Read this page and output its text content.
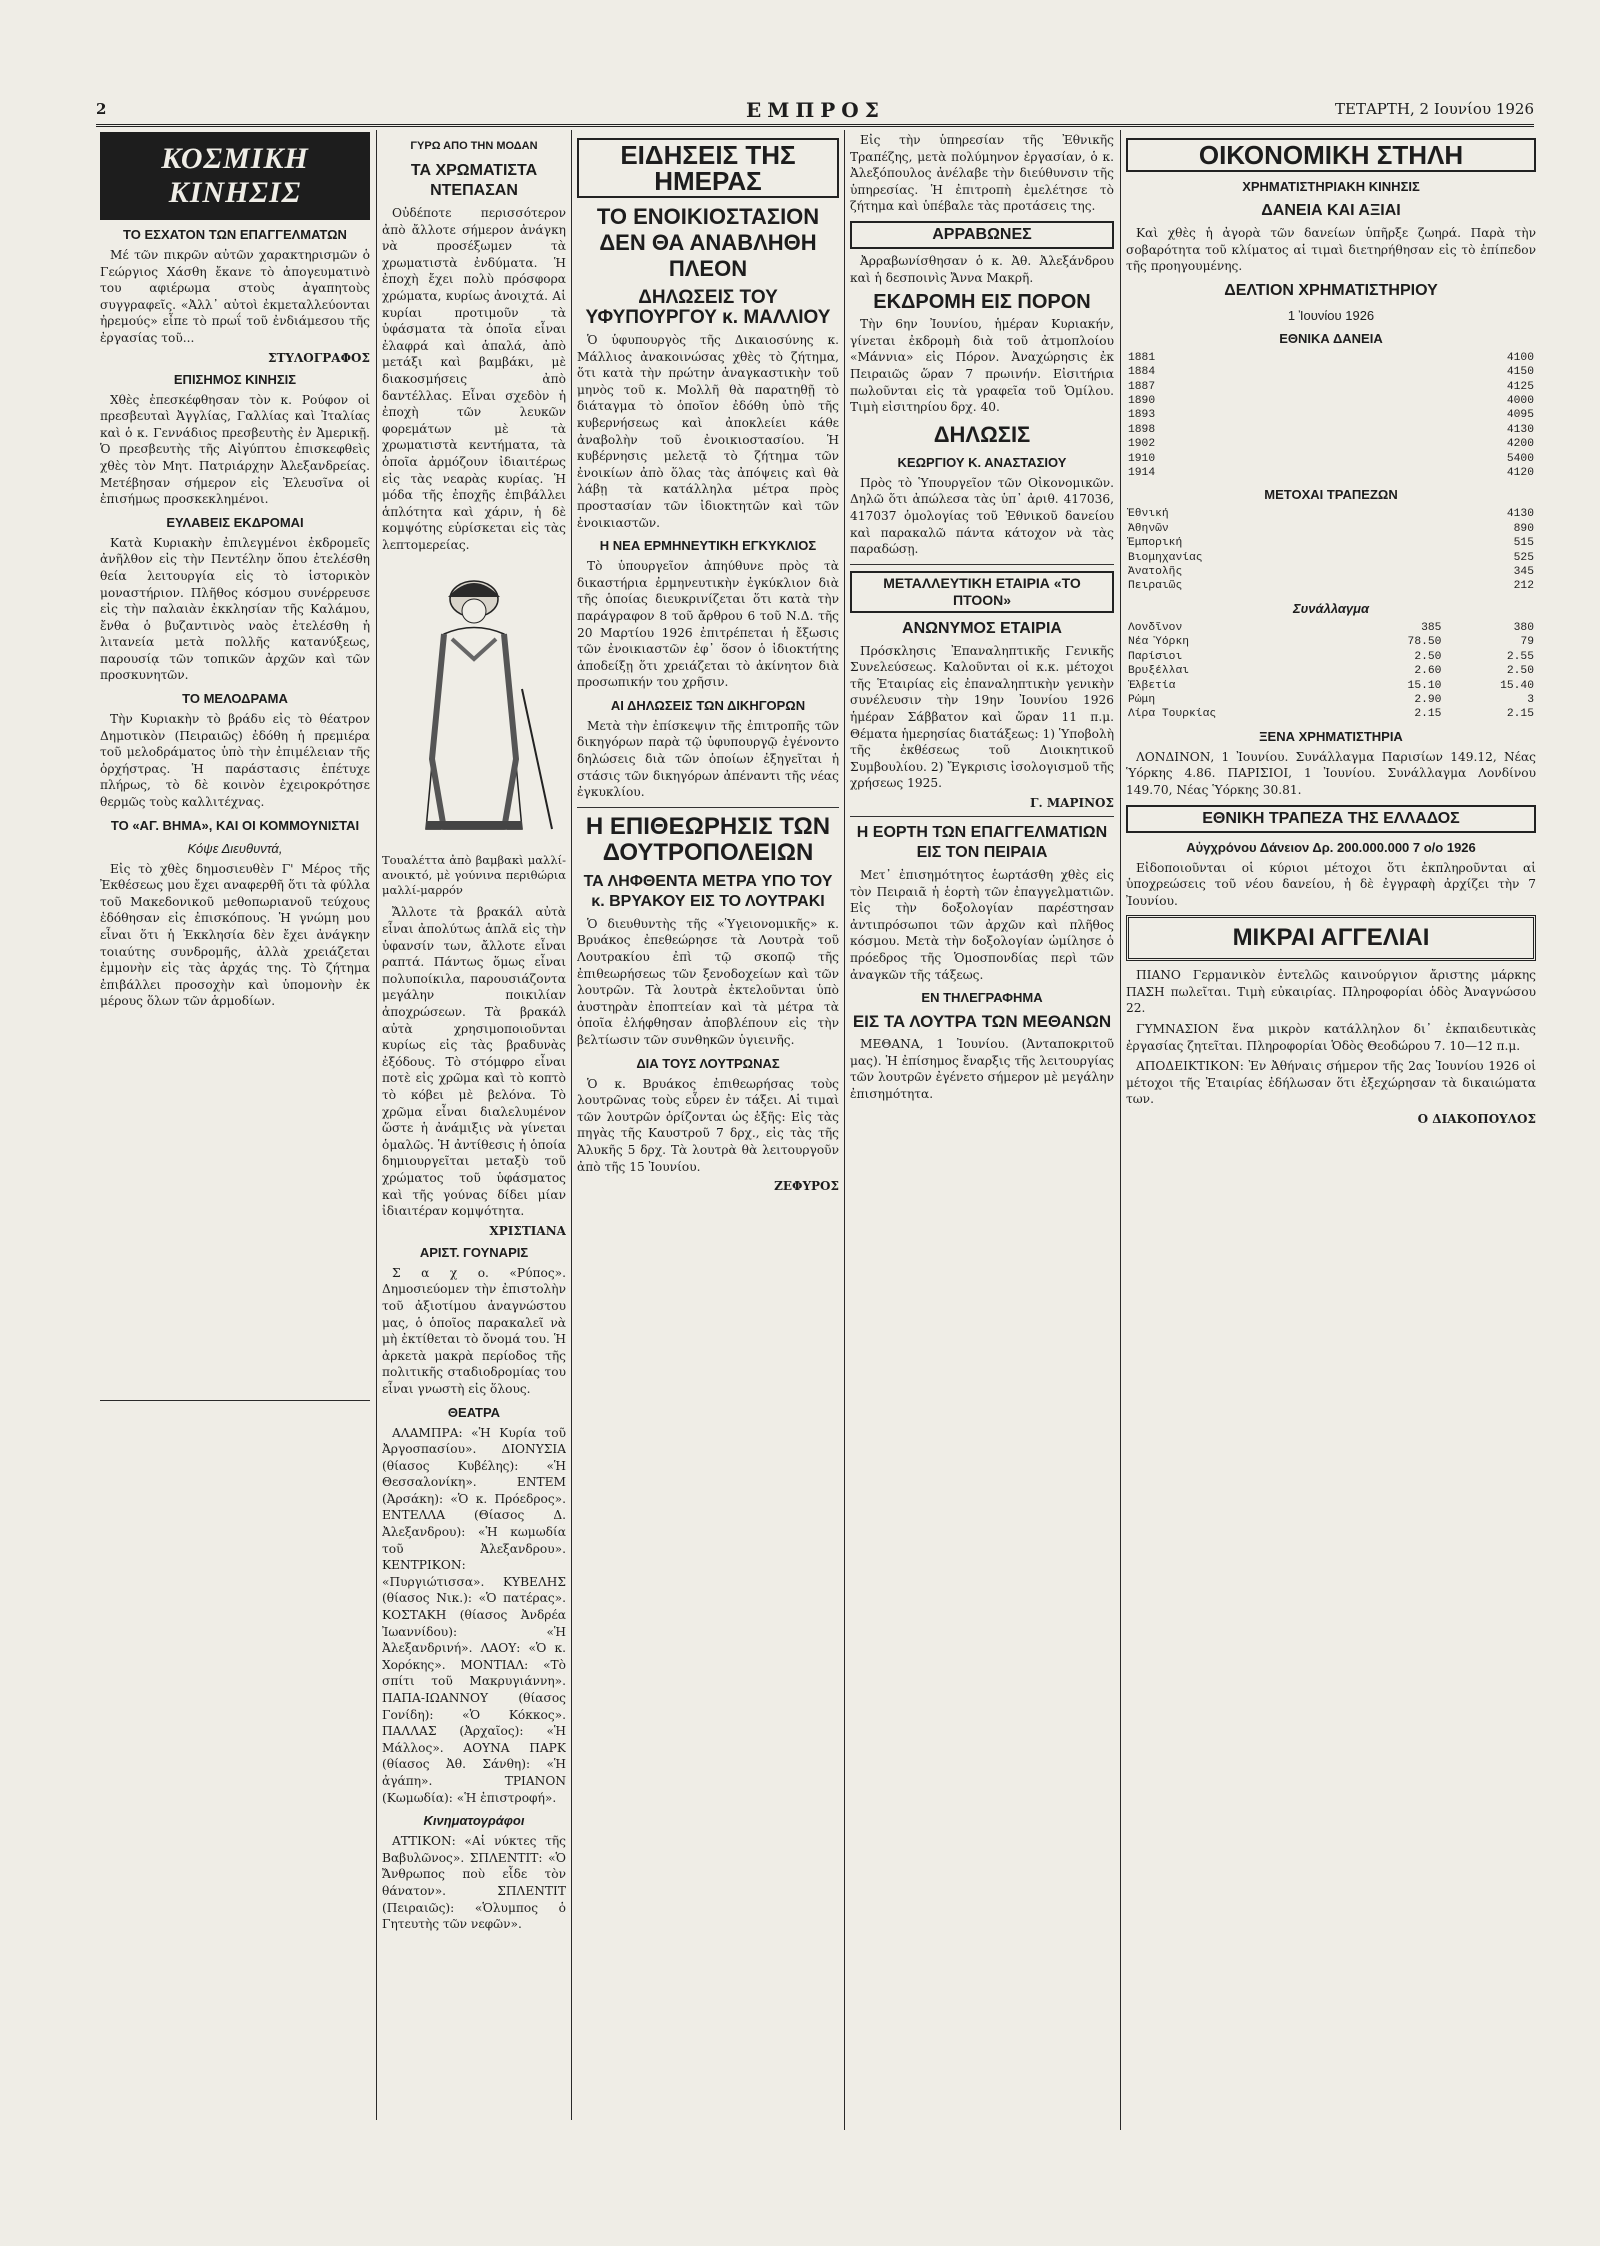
2	ΕΜΠΡΟΣ	ΤΕΤΑΡΤΗ, 2 Ιουνίου 1926
ΚΟΣΜΙΚΗ ΚΙΝΗΣΙΣ
ΤΟ ΕΣΧΑΤΟΝ ΤΩΝ ΕΠΑΓΓΕΛΜΑΤΩΝ

Μέ τῶν πικρῶν αὐτῶν χαρακτηρισμῶν ὁ Γεώργιος Χάσθη ἔκανε τὸ ἀπογευματινὸ του αφιέρωμα στοὺς ἀγαπητοὺς συγγραφεῖς. «Ἀλλ᾽ αὐτοὶ ἐκμεταλλεύονται ἠρεμούς» εἶπε τὸ πρωΐ τοῦ ἐνδιάμεσου τῆς ἐργασίας τοῦ...

ΣΤΥΛΟΓΡΑΦΟΣ
ΕΠΙΣΗΜΟΣ ΚΙΝΗΣΙΣ

Χθὲς ἐπεσκέφθησαν τὸν κ. Ρούφον οἱ πρεσβευταὶ Ἀγγλίας, Γαλλίας καὶ Ἰταλίας καὶ ὁ κ. Γεννάδιος πρεσβευτὴς ἐν Ἀμερικῇ. Ὁ πρεσβευτὴς τῆς Αἰγύπτου ἐπισκεφθεὶς χθὲς τὸν Μητ. Πατριάρχην Ἀλεξανδρείας. Μετέβησαν σήμερον εἰς Ἐλευσῖνα οἱ ἐπισήμως προσκεκλημένοι.

ΕΥΛΑΒΕΙΣ ΕΚΔΡΟΜΑΙ

Κατὰ Κυριακὴν ἐπιλεγμένοι ἐκδρομεῖς ἀνῆλθον εἰς τὴν Πεντέλην ὅπου ἐτελέσθη θεία λειτουργία εἰς τὸ ἱστορικὸν μοναστήριον. Πλῆθος κόσμου συνέρρευσε εἰς τὴν παλαιὰν ἐκκλησίαν τῆς Καλάμου, ἔνθα ὁ βυζαντινὸς ναὸς ἐτελέσθη ἡ λιτανεία μετὰ πολλῆς κατανύξεως, παρουσίᾳ τῶν τοπικῶν ἀρχῶν καὶ τῶν προσκυνητῶν.

ΤΟ ΜΕΛΟΔΡΑΜΑ

Τὴν Κυριακὴν τὸ βράδυ εἰς τὸ θέατρον Δημοτικὸν (Πειραιῶς) ἐδόθη ἡ πρεμιέρα τοῦ μελοδράματος ὑπὸ τὴν ἐπιμέλειαν τῆς ὀρχήστρας. Ἡ παράστασις ἐπέτυχε πλήρως, τὸ δὲ κοινὸν ἐχειροκρότησε θερμῶς τοὺς καλλιτέχνας.

ΤΟ «ΑΓ. ΒΗΜΑ», ΚΑΙ ΟΙ ΚΟΜΜΟΥΝΙΣΤΑΙ
Κόψε Διευθυντά,

Εἰς τὸ χθὲς δημοσιευθὲν Γ' Μέρος τῆς Ἐκθέσεως μου ἔχει αναφερθῆ ὅτι τὰ φύλλα τοῦ Μακεδονικοῦ μεθοπωριανοῦ τεύχους ἐδόθησαν εἰς ἐπισκόπους. Ἡ γνώμη μου εἶναι ὅτι ἡ Ἐκκλησία δὲν ἔχει ἀνάγκην τοιαύτης συνδρομῆς, ἀλλὰ χρειάζεται ἐμμονὴν εἰς τὰς ἀρχάς της. Τὸ ζήτημα ἐπιβάλλει προσοχὴν καὶ ὑπομονὴν ἐκ μέρους ὅλων τῶν ἁρμοδίων.

ΓΥΡΩ ΑΠΟ ΤΗΝ ΜΟΔΑΝ
ΤΑ ΧΡΩΜΑΤΙΣΤΑ ΝΤΕΠΑΣΑΝ

Οὐδέποτε περισσότερον ἀπὸ ἄλλοτε σήμερον ἀνάγκη νὰ προσέξωμεν τὰ χρωματιστὰ ἐνδύματα. Ἡ ἐποχὴ ἔχει πολὺ πρόσφορα χρώματα, κυρίως ἀνοιχτά. Αἱ κυρίαι προτιμοῦν τὰ ὑφάσματα τὰ ὁποῖα εἶναι ἐλαφρά καὶ ἁπαλά, ἀπὸ μετάξι καὶ βαμβάκι, μὲ διακοσμήσεις ἀπὸ δαντέλλας. Εἶναι σχεδὸν ἡ ἐποχὴ τῶν λευκῶν φορεμάτων μὲ τὰ χρωματιστὰ κεντήματα, τὰ ὁποῖα ἀρμόζουν ἰδιαιτέρως εἰς τὰς νεαρὰς κυρίας. Ἡ μόδα τῆς ἐποχῆς ἐπιβάλλει ἁπλότητα καὶ χάριν, ἡ δὲ κομψότης εὑρίσκεται εἰς τὰς λεπτομερείας.

Τουαλέττα ἀπὸ βαμβακὶ μαλλί-ανοικτό, μὲ γούνινα περιθώρια μαλλί-μαρρόν

Ἄλλοτε τὰ βρακάλ αὐτὰ εἶναι ἀπολύτως ἁπλᾶ εἰς τὴν ὑφανσίν των, ἄλλοτε εἶναι ραπτά. Πάντως ὅμως εἶναι πολυποίκιλα, παρουσιάζοντα μεγάλην ποικιλίαν ἀποχρώσεων. Τὰ βρακάλ αὐτὰ χρησιμοποιοῦνται κυρίως εἰς τὰς βραδυνὰς ἐξόδους. Τὸ στόμφρο εἶναι ποτὲ εἰς χρῶμα καὶ τὸ κοπτὸ τὸ κόβει μὲ βελόνα. Τὸ χρῶμα εἶναι διαλελυμένον ὥστε ἡ ἀνάμιξις νὰ γίνεται ὁμαλῶς. Ἡ ἀντίθεσις ἡ ὁποία δημιουργεῖται μεταξὺ τοῦ χρώματος τοῦ ὑφάσματος καὶ τῆς γούνας δίδει μίαν ἰδιαιτέραν κομψότητα.

ΧΡΙΣΤΙΑΝΑ
ΑΡΙΣΤ. ΓΟΥΝΑΡΙΣ

Σ α χ ο. «Ρύπος». Δημοσιεύομεν τὴν ἐπιστολὴν τοῦ ἀξιοτίμου ἀναγνώστου μας, ὁ ὁποῖος παρακαλεῖ νὰ μὴ ἐκτίθεται τὸ ὄνομά του. Ἡ ἀρκετὰ μακρὰ περίοδος τῆς πολιτικῆς σταδιοδρομίας του εἶναι γνωστὴ εἰς ὅλους.

ΘΕΑΤΡΑ

ΑΛΑΜΠΡΑ: «Ἡ Κυρία τοῦ Ἀργοσπασίου». ΔΙΟΝΥΣΙΑ (θίασος Κυβέλης): «Ἡ Θεσσαλονίκη». ΕΝΤΕΜ (Ἀρσάκη): «Ὁ κ. Πρόεδρος». ΕΝΤΕΛΛΑ (Θίασος Δ. Ἀλεξανδρου): «Ἡ κωμωδία τοῦ Ἀλεξανδρου». ΚΕΝΤΡΙΚΟΝ: «Πυργιώτισσα». ΚΥΒΕΛΗΣ (θίασος Νικ.): «Ὁ πατέρας». ΚΟΣΤΑΚΗ (θίασος Ἀνδρέα Ἰωαννίδου): «Ἡ Ἀλεξανδρινή». ΛΑΟΥ: «Ὁ κ. Χορόκης». ΜΟΝΤΙΑΛ: «Τὸ σπίτι τοῦ Μακρυγιάννη». ΠΑΠΑ-ΙΩΑΝΝΟΥ (θίασος Γονίδη): «Ὁ Κόκκος». ΠΑΛΛΑΣ (Ἀρχαῖος): «Ἡ Μάλλος». ΑΟΥΝΑ ΠΑΡΚ (θίασος Ἀθ. Σάνθη): «Ἡ ἀγάπη». ΤΡΙΑΝΟΝ (Κωμωδία): «Ἡ ἐπιστροφή».

Κινηματογράφοι

ΑΤΤΙΚΟΝ: «Αἱ νύκτες τῆς Βαβυλῶνος». ΣΠΛΕΝΤΙΤ: «Ὁ Ἄνθρωπος ποὺ εἶδε τὸν θάνατον». ΣΠΛΕΝΤΙΤ (Πειραιῶς): «Ὁλυμπος ὁ Γητευτὴς τῶν νεφῶν».

ΕΙΔΗΣΕΙΣ ΤΗΣ ΗΜΕΡΑΣ
ΤΟ ΕΝΟΙΚΙΟΣΤΑΣΙΟΝ ΔΕΝ ΘΑ ΑΝΑΒΛΗΘΗ ΠΛΕΟΝ
ΔΗΛΩΣΕΙΣ ΤΟΥ ΥΦΥΠΟΥΡΓΟΥ κ. ΜΑΛΛΙΟΥ

Ὁ ὑφυπουργὸς τῆς Δικαιοσύνης κ. Μάλλιος ἀνακοινώσας χθὲς τὸ ζήτημα, ὅτι κατὰ τὴν πρώτην ἀναγκαστικὴν τοῦ μηνὸς τοῦ κ. Μολλῆ θὰ παρατηθῇ τὸ διάταγμα τὸ ὁποῖον ἐδόθη ὑπὸ τῆς κυβερνήσεως καὶ ἀποκλείει κάθε ἀναβολὴν τοῦ ἐνοικιοστασίου. Ἡ κυβέρνησις μελετᾷ τὸ ζήτημα τῶν ἐνοικίων ἀπὸ ὅλας τὰς ἀπόψεις καὶ θὰ λάβῃ τὰ κατάλληλα μέτρα πρὸς προστασίαν τῶν ἰδιοκτητῶν καὶ τῶν ἐνοικιαστῶν.

Η ΝΕΑ ΕΡΜΗΝΕΥΤΙΚΗ ΕΓΚΥΚΛΙΟΣ

Τὸ ὑπουργεῖον ἀπηύθυνε πρὸς τὰ δικαστήρια ἐρμηνευτικὴν ἐγκύκλιον διὰ τῆς ὁποίας διευκρινίζεται ὅτι κατὰ τὴν παράγραφον 8 τοῦ ἄρθρου 6 τοῦ Ν.Δ. τῆς 20 Μαρτίου 1926 ἐπιτρέπεται ἡ ἔξωσις τῶν ἐνοικιαστῶν ἐφ᾽ ὅσον ὁ ἰδιοκτήτης ἀποδείξῃ ὅτι χρειάζεται τὸ ἀκίνητον διὰ προσωπικήν του χρῆσιν.

ΑΙ ΔΗΛΩΣΕΙΣ ΤΩΝ ΔΙΚΗΓΟΡΩΝ

Μετὰ τὴν ἐπίσκεψιν τῆς ἐπιτροπῆς τῶν δικηγόρων παρὰ τῷ ὑφυπουργῷ ἐγένοντο δηλώσεις διὰ τῶν ὁποίων ἐξηγεῖται ἡ στάσις τῶν δικηγόρων ἀπέναντι τῆς νέας ἐγκυκλίου.

Η ΕΠΙΘΕΩΡΗΣΙΣ ΤΩΝ ΔΟΥΤΡΟΠΟΛΕΙΩΝ
ΤΑ ΛΗΦΘΕΝΤΑ ΜΕΤΡΑ ΥΠΟ ΤΟΥ κ. ΒΡΥΑΚΟΥ ΕΙΣ ΤΟ ΛΟΥΤΡΑΚΙ

Ὁ διευθυντὴς τῆς «Ὑγειονομικῆς» κ. Βρυάκος ἐπεθεώρησε τὰ Λουτρὰ τοῦ Λουτρακίου ἐπὶ τῷ σκοπῷ τῆς ἐπιθεωρήσεως τῶν ξενοδοχείων καὶ τῶν λουτρῶν. Τὰ λουτρὰ ἐκτελοῦνται ὑπὸ ἀυστηρὰν ἐποπτείαν καὶ τὰ μέτρα τὰ ὁποῖα ἐλήφθησαν ἀποβλέπουν εἰς τὴν βελτίωσιν τῶν συνθηκῶν ὑγιεινῆς.

ΔΙΑ ΤΟΥΣ ΛΟΥΤΡΩΝΑΣ

Ὁ κ. Βρυάκος ἐπιθεωρήσας τοὺς λουτρῶνας τοὺς εὗρεν ἐν τάξει. Αἱ τιμαὶ τῶν λουτρῶν ὁρίζονται ὡς ἑξῆς: Εἰς τὰς πηγὰς τῆς Καυστροῦ 7 δρχ., εἰς τὰς τῆς Ἁλυκῆς 5 δρχ. Τὰ λουτρὰ θὰ λειτουργοῦν ἀπὸ τῆς 15 Ἰουνίου.

ΖΕΦΥΡΟΣ

Εἰς τὴν ὑπηρεσίαν τῆς Ἐθνικῆς Τραπέζης, μετὰ πολύμηνον ἐργασίαν, ὁ κ. Ἀλεξόπουλος ἀνέλαβε τὴν διεύθυνσιν τῆς ὑπηρεσίας. Ἡ ἐπιτροπὴ ἐμελέτησε τὸ ζήτημα καὶ ὑπέβαλε τὰς προτάσεις της.

ΑΡΡΑΒΩΝΕΣ

Ἀρραβωνίσθησαν ὁ κ. Ἀθ. Ἀλεξάνδρου καὶ ἡ δεσποινὶς Ἄννα Μακρῆ.

ΕΚΔΡΟΜΗ ΕΙΣ ΠΟΡΟΝ

Τὴν 6ην Ἰουνίου, ἡμέραν Κυριακήν, γίνεται ἐκδρομὴ διὰ τοῦ ἀτμοπλοίου «Μάννια» εἰς Πόρον. Ἀναχώρησις ἐκ Πειραιῶς ὥραν 7 πρωινήν. Εἰσιτήρια πωλοῦνται εἰς τὰ γραφεῖα τοῦ Ὁμίλου. Τιμὴ εἰσιτηρίου δρχ. 40.

ΔΗΛΩΣΙΣ
ΚΕΩΡΓΙΟΥ Κ. ΑΝΑΣΤΑΣΙΟΥ

Πρὸς τὸ Ὑπουργεῖον τῶν Οἰκονομικῶν. Δηλῶ ὅτι ἀπώλεσα τὰς ὑπ᾽ ἀριθ. 417036, 417037 ὁμολογίας τοῦ Ἐθνικοῦ δανείου καὶ παρακαλῶ πάντα κάτοχον νὰ τὰς παραδώσῃ.

ΜΕΤΑΛΛΕΥΤΙΚΗ ΕΤΑΙΡΙΑ «ΤΟ ΠΤΟΟΝ»
ΑΝΩΝΥΜΟΣ ΕΤΑΙΡΙΑ

Πρόσκλησις Ἐπαναληπτικῆς Γενικῆς Συνελεύσεως. Καλοῦνται οἱ κ.κ. μέτοχοι τῆς Ἑταιρίας εἰς ἐπαναληπτικὴν γενικὴν συνέλευσιν τὴν 19ην Ἰουνίου 1926 ἡμέραν Σάββατον καὶ ὥραν 11 π.μ. Θέματα ἡμερησίας διατάξεως: 1) Ὑποβολὴ τῆς ἐκθέσεως τοῦ Διοικητικοῦ Συμβουλίου. 2) Ἔγκρισις ἰσολογισμοῦ τῆς χρήσεως 1925.

Γ. ΜΑΡΙΝΟΣ
Η ΕΟΡΤΗ ΤΩΝ ΕΠΑΓΓΕΛΜΑΤΙΩΝ ΕΙΣ ΤΟΝ ΠΕΙΡΑΙΑ

Μετ᾽ ἐπισημότητος ἑωρτάσθη χθὲς εἰς τὸν Πειραιᾶ ἡ ἑορτὴ τῶν ἐπαγγελματιῶν. Εἰς τὴν δοξολογίαν παρέστησαν ἀντιπρόσωποι τῶν ἀρχῶν καὶ πλῆθος κόσμου. Μετὰ τὴν δοξολογίαν ὡμίλησε ὁ πρόεδρος τῆς Ὁμοσπονδίας περὶ τῶν ἀναγκῶν τῆς τάξεως.

ΕΝ ΤΗΛΕΓΡΑΦΗΜΑ
ΕΙΣ ΤΑ ΛΟΥΤΡΑ ΤΩΝ ΜΕΘΑΝΩΝ

ΜΕΘΑΝΑ, 1 Ἰουνίου. (Ἀνταποκριτοῦ μας). Ἡ ἐπίσημος ἔναρξις τῆς λειτουργίας τῶν λουτρῶν ἐγένετο σήμερον μὲ μεγάλην ἐπισημότητα.

ΟΙΚΟΝΟΜΙΚΗ ΣΤΗΛΗ
ΧΡΗΜΑΤΙΣΤΗΡΙΑΚΗ ΚΙΝΗΣΙΣ
ΔΑΝΕΙΑ ΚΑΙ ΑΞΙΑΙ

Καὶ χθὲς ἡ ἀγορὰ τῶν δανείων ὑπῆρξε ζωηρά. Παρὰ τὴν σοβαρότητα τοῦ κλίματος αἱ τιμαὶ διετηρήθησαν εἰς τὸ ἐπίπεδον τῆς προηγουμένης.

ΔΕΛΤΙΟΝ ΧΡΗΜΑΤΙΣΤΗΡΙΟΥ
1 Ἰουνίου 1926
ΕΘΝΙΚΑ ΔΑΝΕΙΑ
1881	4100
1884	4150
1887	4125
1890	4000
1893	4095
1898	4130
1902	4200
1910	5400
1914	4120
ΜΕΤΟΧΑΙ ΤΡΑΠΕΖΩΝ
Ἐθνική	4130
Ἀθηνῶν	890
Ἐμπορική	515
Βιομηχανίας	525
Ἀνατολῆς	345
Πειραιῶς	212
Συνάλλαγμα
Λονδῖνον	385	380
Νέα Ὑόρκη	78.50	79
Παρίσιοι	2.50	2.55
Βρυξέλλαι	2.60	2.50
Ἑλβετία	15.10	15.40
Ρώμη	2.90	3
Λίρα Τουρκίας	2.15	2.15
ΞΕΝΑ ΧΡΗΜΑΤΙΣΤΗΡΙΑ

ΛΟΝΔΙΝΟΝ, 1 Ἰουνίου. Συνάλλαγμα Παρισίων 149.12, Νέας Ὑόρκης 4.86. ΠΑΡΙΣΙΟΙ, 1 Ἰουνίου. Συνάλλαγμα Λονδίνου 149.70, Νέας Ὑόρκης 30.81.

ΕΘΝΙΚΗ ΤΡΑΠΕΖΑ ΤΗΣ ΕΛΛΑΔΟΣ
Αὐγχρόνου Δάνειον Δρ. 200.000.000 7 ο/ο 1926

Εἰδοποιοῦνται οἱ κύριοι μέτοχοι ὅτι ἐκπληροῦνται αἱ ὑποχρεώσεις τοῦ νέου δανείου, ἡ δὲ ἐγγραφὴ ἀρχίζει τὴν 7 Ἰουνίου.

ΜΙΚΡΑΙ ΑΓΓΕΛΙΑΙ

ΠΙΑΝΟ Γερμανικὸν ἐντελῶς καινούργιον ἄριστης μάρκης ΠΑΣΗ πωλεῖται. Τιμὴ εὐκαιρίας. Πληροφορίαι ὁδὸς Ἀναγνώσου 22.

ΓΥΜΝΑΣΙΟΝ ἕνα μικρὸν κατάλληλον δι᾽ ἐκπαιδευτικὰς ἐργασίας ζητεῖται. Πληροφορίαι Ὁδὸς Θεοδώρου 7. 10—12 π.μ.

ΑΠΟΔΕΙΚΤΙΚΟΝ: Ἐν Ἀθήναις σήμερον τῆς 2ας Ἰουνίου 1926 οἱ μέτοχοι τῆς Ἑταιρίας ἐδήλωσαν ὅτι ἐξεχώρησαν τὰ δικαιώματα των.

Ο ΔΙΑΚΟΠΟΥΛΟΣ
